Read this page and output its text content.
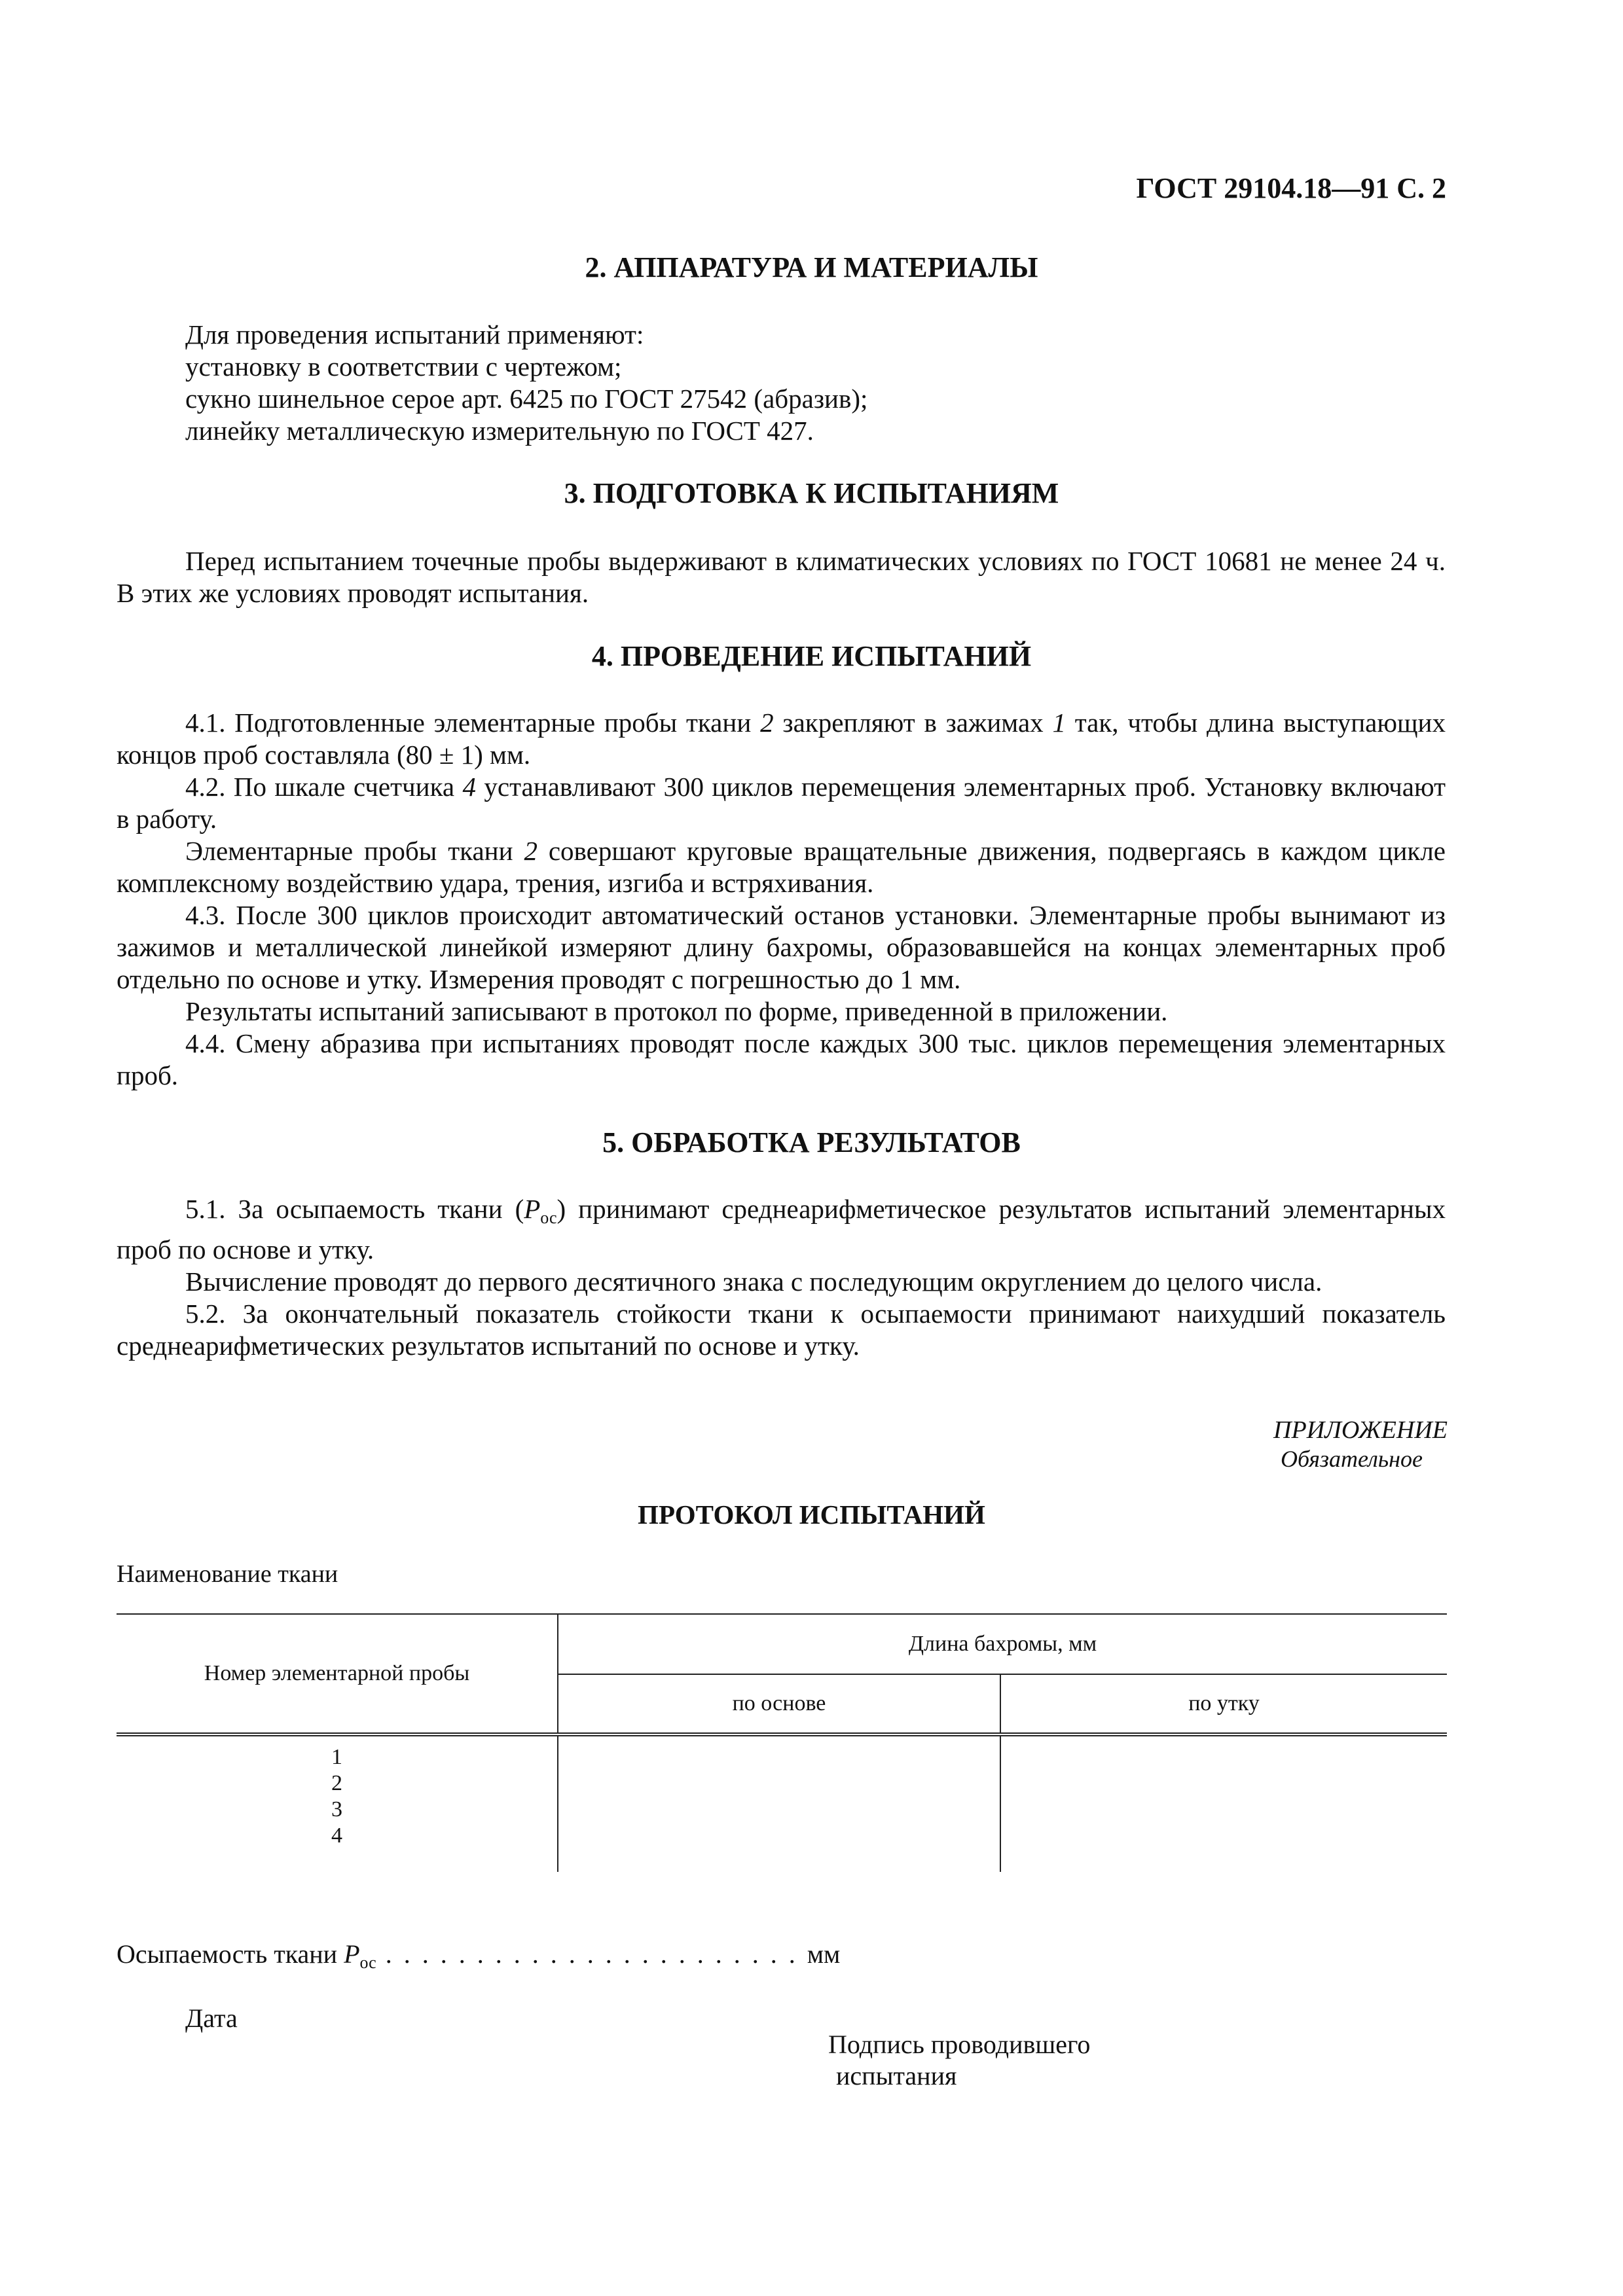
ГОСТ 29104.18—91 С. 2
2. АППАРАТУРА И МАТЕРИАЛЫ
Для проведения испытаний применяют:
установку в соответствии с чертежом;
сукно шинельное серое арт. 6425 по ГОСТ 27542 (абразив);
линейку металлическую измерительную по ГОСТ 427.
3. ПОДГОТОВКА К ИСПЫТАНИЯМ

Перед испытанием точечные пробы выдерживают в климатических условиях по ГОСТ 10681 не менее 24 ч. В этих же условиях проводят испытания.

4. ПРОВЕДЕНИЕ ИСПЫТАНИЙ

4.1. Подготовленные элементарные пробы ткани 2 закрепляют в зажимах 1 так, чтобы длина выступающих концов проб составляла (80 ± 1) мм.

4.2. По шкале счетчика 4 устанавливают 300 циклов перемещения элементарных проб. Установку включают в работу.

Элементарные пробы ткани 2 совершают круговые вращательные движения, подвергаясь в каждом цикле комплексному воздействию удара, трения, изгиба и встряхивания.

4.3. После 300 циклов происходит автоматический останов установки. Элементарные пробы вынимают из зажимов и металлической линейкой измеряют длину бахромы, образовавшейся на концах элементарных проб отдельно по основе и утку. Измерения проводят с погрешностью до 1 мм.

Результаты испытаний записывают в протокол по форме, приведенной в приложении.

4.4. Смену абразива при испытаниях проводят после каждых 300 тыс. циклов перемещения элементарных проб.

5. ОБРАБОТКА РЕЗУЛЬТАТОВ

5.1. За осыпаемость ткани $(P_{ос})$ принимают среднеарифметическое результатов испытаний элементарных проб по основе и утку.

Вычисление проводят до первого десятичного знака с последующим округлением до целого числа.

5.2. За окончательный показатель стойкости ткани к осыпаемости принимают наихудший показатель среднеарифметических результатов испытаний по основе и утку.

ПРИЛОЖЕНИЕ
Обязательное
ПРОТОКОЛ ИСПЫТАНИЙ
Наименование ткани
Номер элементарной пробы	Длина бахромы, мм	
	по основе	по утку

1
2
3
4		

Осыпаемость ткани $P_{ос}$ . . . . . . . . . . . . . . . . . . . . . . . мм
Дата
Подпись проводившего
испытания
